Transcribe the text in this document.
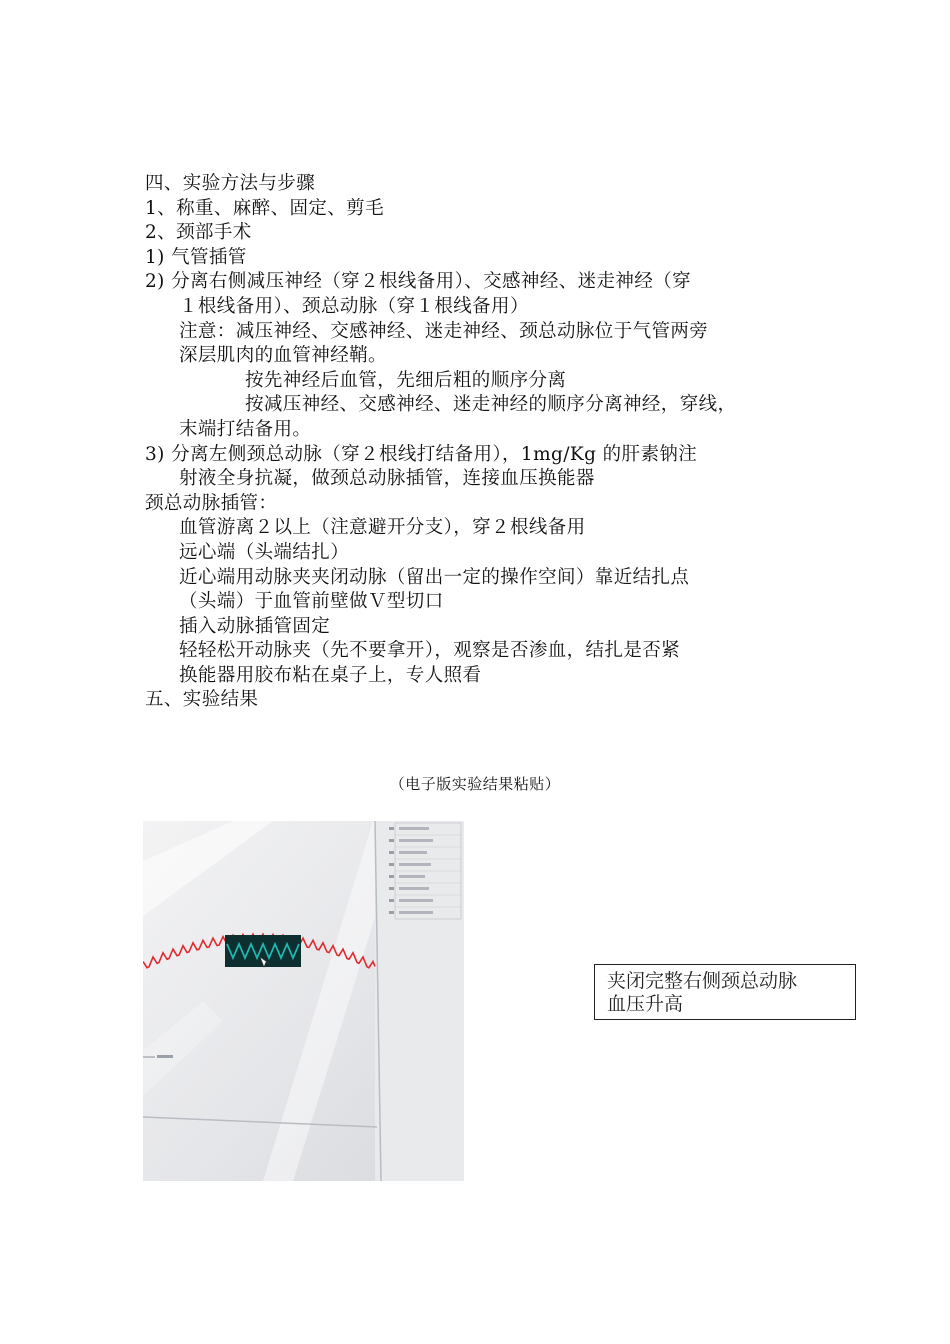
四、实验方法与步骤
1、称重、麻醉、固定、剪毛
2、颈部手术
1) 气管插管
2) 分离右侧减压神经（穿２根线备用）、交感神经、迷走神经（穿
１根线备用）、颈总动脉（穿１根线备用）
注意：减压神经、交感神经、迷走神经、颈总动脉位于气管两旁
深层肌肉的血管神经鞘。
按先神经后血管，先细后粗的顺序分离
按减压神经、交感神经、迷走神经的顺序分离神经，穿线，
末端打结备用。
3) 分离左侧颈总动脉（穿２根线打结备用），1mg/Kg 的肝素钠注
射液全身抗凝，做颈总动脉插管，连接血压换能器
颈总动脉插管：
血管游离２以上（注意避开分支），穿２根线备用
远心端（头端结扎）
近心端用动脉夹夹闭动脉（留出一定的操作空间）靠近结扎点
（头端）于血管前壁做Ｖ型切口
插入动脉插管固定
轻轻松开动脉夹（先不要拿开），观察是否渗血，结扎是否紧
换能器用胶布粘在桌子上，专人照看
五、实验结果
（电子版实验结果粘贴）
夹闭完整右侧颈总动脉
血压升高
